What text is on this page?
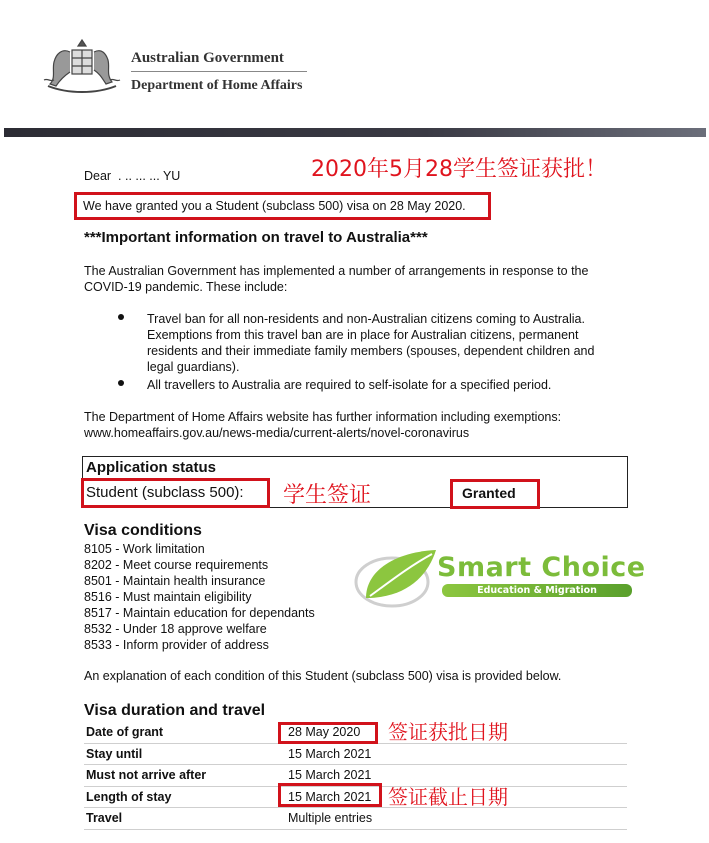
Australian Government
Department of Home Affairs
Dear  . .. ... ... YU	2020年5月28学生签证获批！
We have granted you a Student (subclass 500) visa on 28 May 2020.
***Important information on travel to Australia***
The Australian Government has implemented a number of arrangements in response to the
COVID-19 pandemic. These include:
Travel ban for all non-residents and non-Australian citizens coming to Australia.
Exemptions from this travel ban are in place for Australian citizens, permanent
residents and their immediate family members (spouses, dependent children and
legal guardians).
All travellers to Australia are required to self-isolate for a specified period.
The Department of Home Affairs website has further information including exemptions:
www.homeaffairs.gov.au/news-media/current-alerts/novel-coronavirus
Application status
Student (subclass 500): 学生签证	Granted
Visa conditions
8105 - Work limitation
8202 - Meet course requirements
8501 - Maintain health insurance
8516 - Must maintain eligibility
8517 - Maintain education for dependants
8532 - Under 18 approve welfare
8533 - Inform provider of address
An explanation of each condition of this Student (subclass 500) visa is provided below.
Smart Choice
Education & Migration
Visa duration and travel
Date of grant	28 May 2020
Stay until	15 March 2021
Must not arrive after	15 March 2021
Length of stay	15 March 2021
Travel	Multiple entries
签证获批日期
签证截止日期
